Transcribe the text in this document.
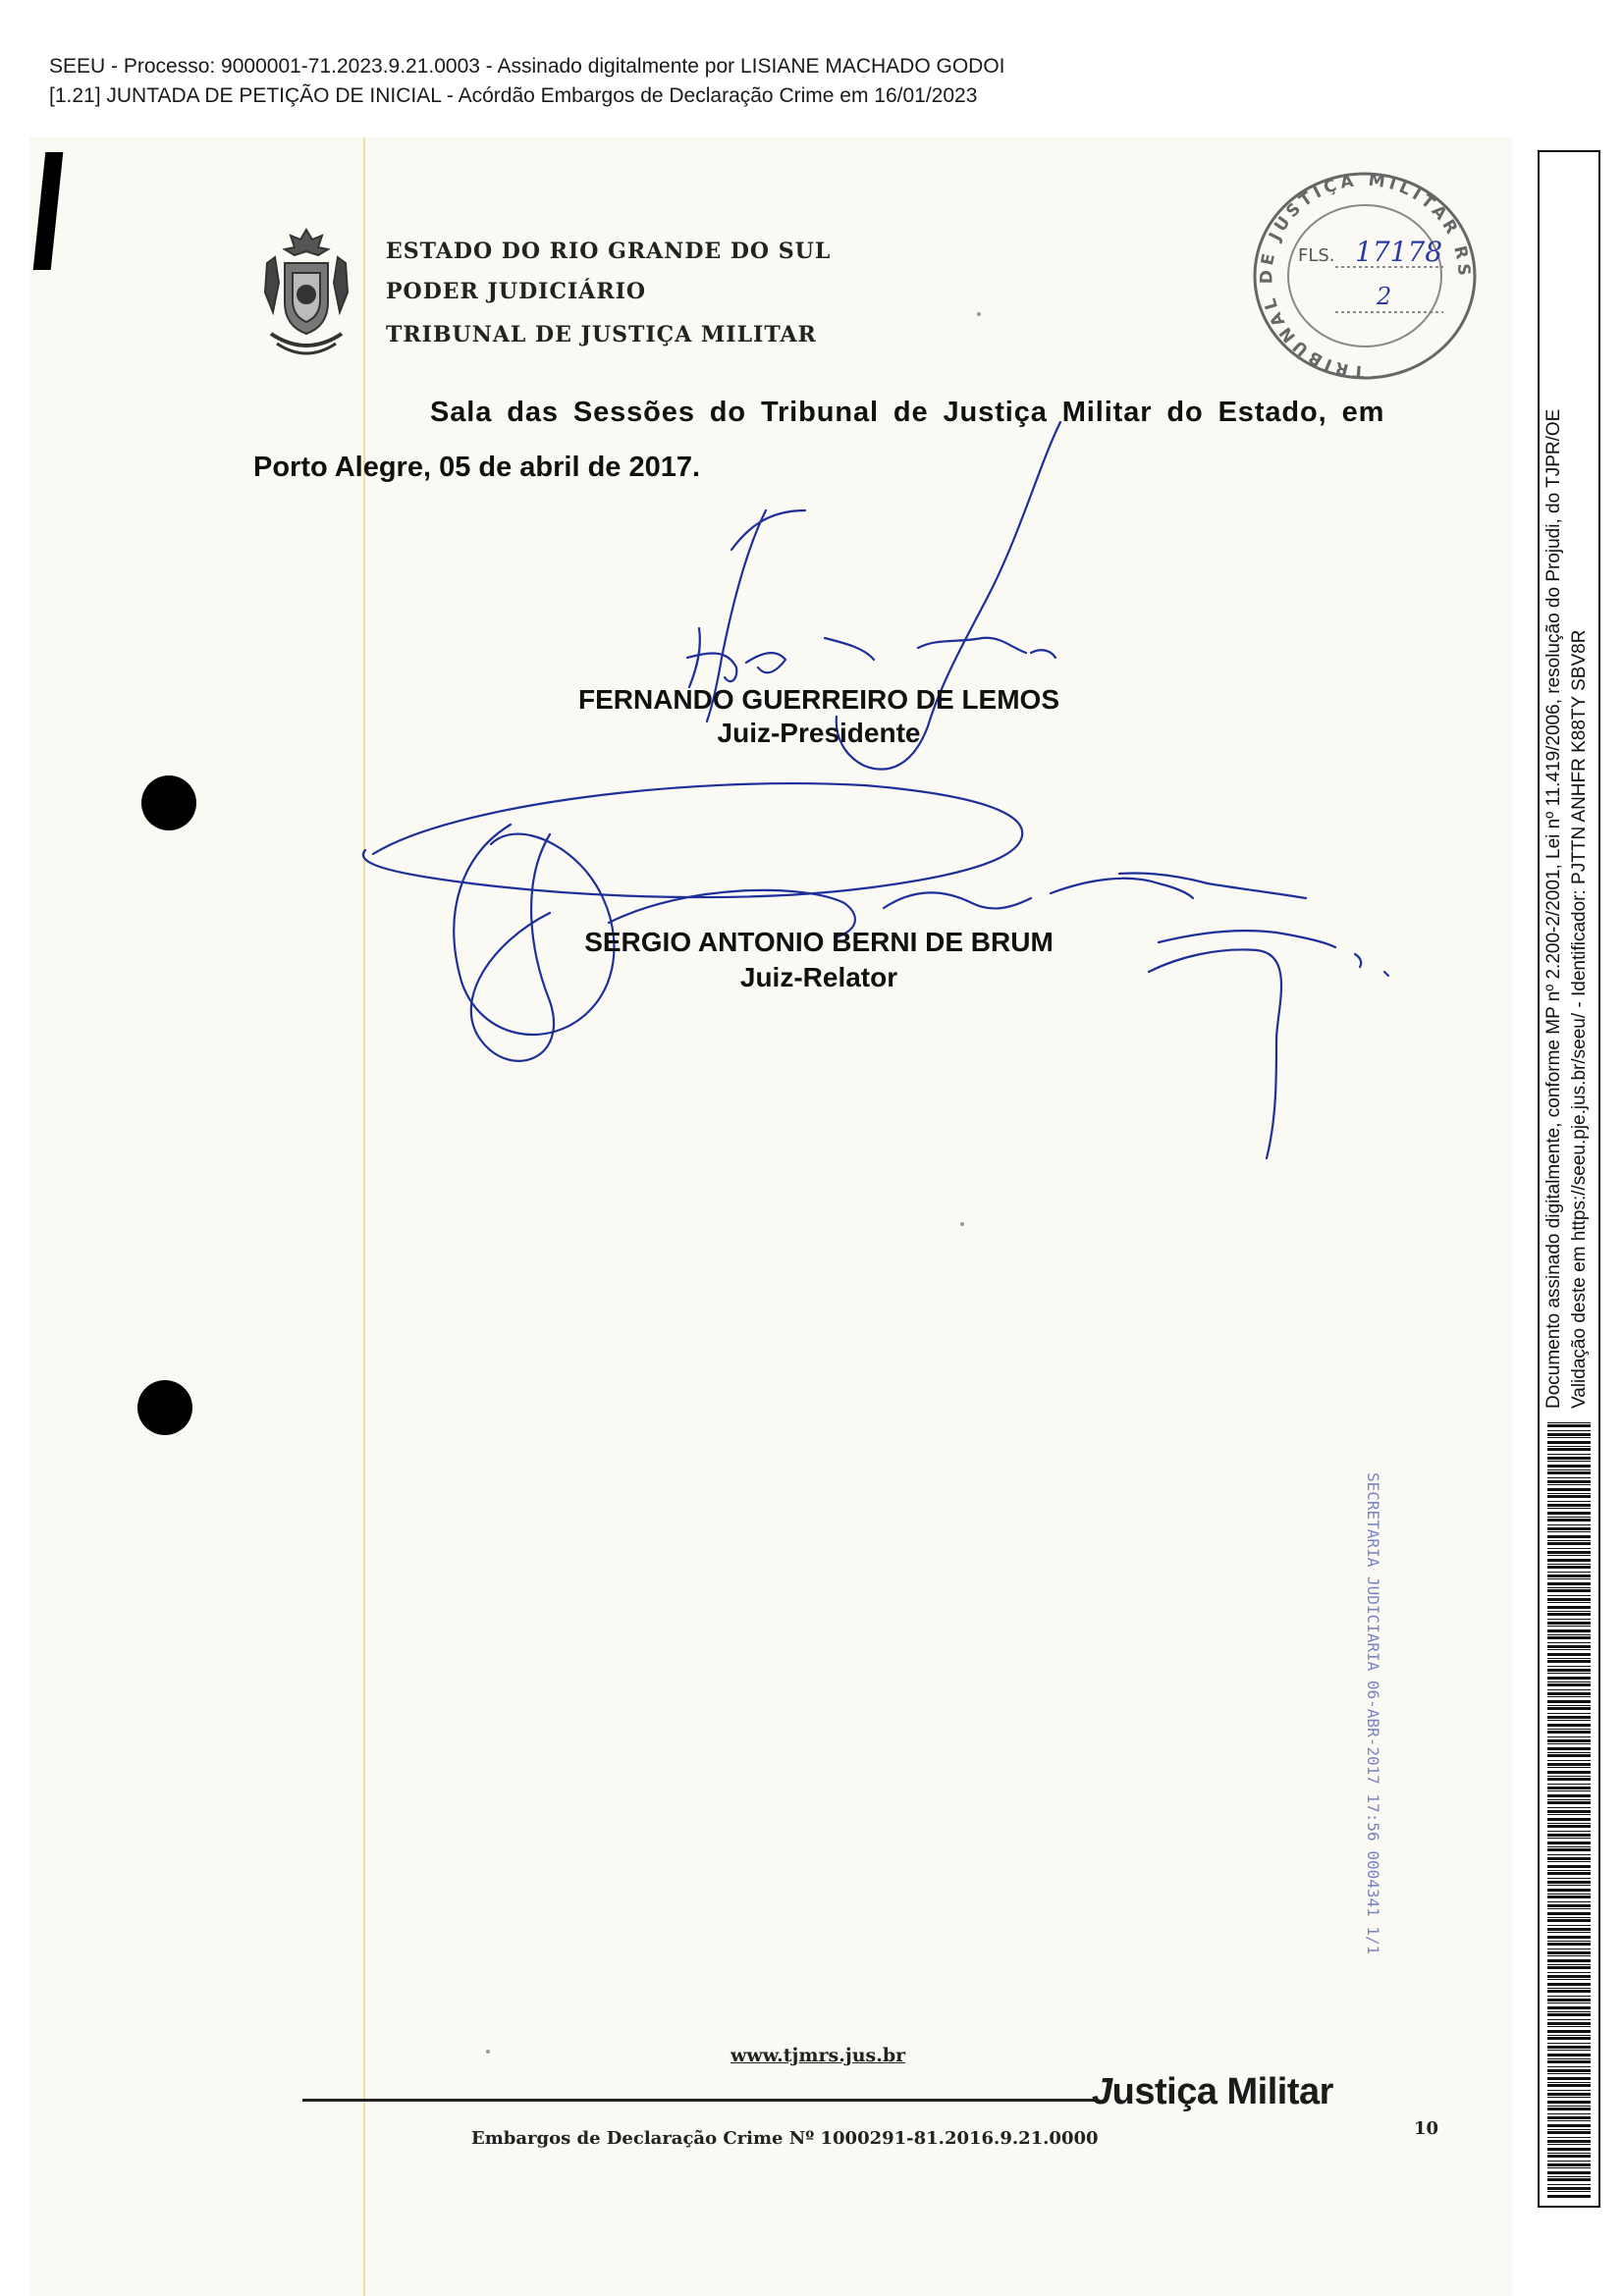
SEEU - Processo: 9000001-71.2023.9.21.0003 - Assinado digitalmente por LISIANE MACHADO GODOI
[1.21] JUNTADA DE PETIÇÃO DE INICIAL - Acórdão Embargos de Declaração Crime em 16/01/2023
ESTADO DO RIO GRANDE DO SUL
PODER JUDICIÁRIO
TRIBUNAL DE JUSTIÇA MILITAR
TRIBUNAL DE JUSTIÇA MILITAR RS
FLS. 17178
2
Sala das Sessões do Tribunal de Justiça Militar do Estado, em
Porto Alegre, 05 de abril de 2017.
FERNANDO GUERREIRO DE LEMOS
Juiz-Presidente
SERGIO ANTONIO BERNI DE BRUM
Juiz-Relator
SECRETARIA JUDICIARIA 06-ABR-2017 17:56 0004341 1/1
www.tjmrs.jus.br
Justiça Militar
Embargos de Declaração Crime Nº 1000291-81.2016.9.21.0000	10
Documento assinado digitalmente, conforme MP nº 2.200-2/2001, Lei nº 11.419/2006, resolução do Projudi, do TJPR/OE Validação deste em https://seeu.pje.jus.br/seeu/ - Identificador: PJTTN ANHFR K88TY SBV8R
